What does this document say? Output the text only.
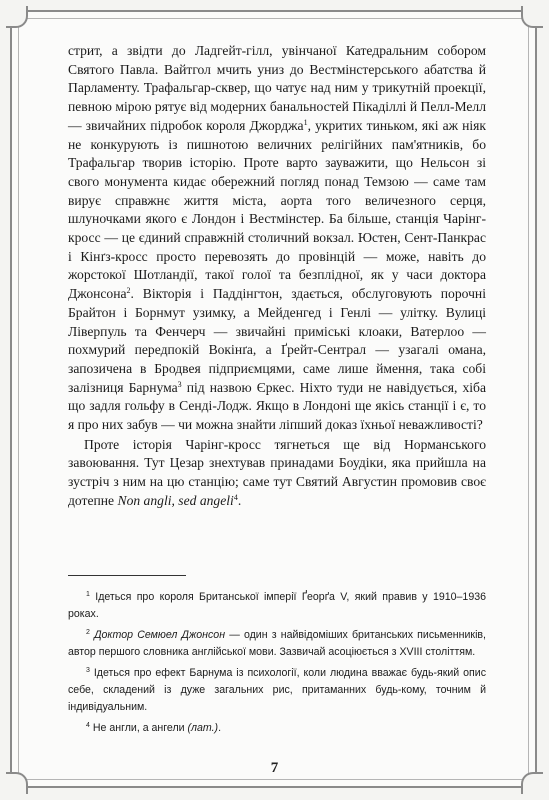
стрит, а звідти до Ладгейт-гілл, увінчаної Катедральним собором Святого Павла. Вайтгол мчить униз до Вестмінстерського абатства й Парламенту. Трафальгар-сквер, що чатує над ним у трикутній проекції, певною мірою рятує від модерних банальностей Пікаділлі й Пелл-Мелл — звичайних підробок короля Джорджа$^1$, укритих тиньком, які аж ніяк не конкурують із пишнотою величних релігійних пам'ятників, бо Трафальгар творив історію. Проте варто зауважити, що Нельсон зі свого монумента кидає обережний погляд понад Темзою — саме там вирує справжнє життя міста, аорта того величезного серця, шлуночками якого є Лондон і Вестмінстер. Ба більше, станція Чарінг-кросс — це єдиний справжній столичний вокзал. Юстен, Сент-Панкрас і Кінґз-кросс просто перевозять до провінцій — може, навіть до жорстокої Шотландії, такої голої та безплідної, як у часи доктора Джонсона$^2$. Вікторія і Паддінгтон, здається, обслуговують порочні Брайтон і Борнмут узимку, а Мейденгед і Генлі — улітку. Вулиці Ліверпуль та Фенчерч — звичайні приміські клоаки, Ватерлоо — похмурий передпокій Вокінґа, а Ґрейт-Сентрал — узагалі омана, запозичена в Бродвея підприємцями, саме лише ймення, така собі залізниця Барнума$^3$ під назвою Єркес. Ніхто туди не навідується, хіба що задля гольфу в Сенді-Лодж. Якщо в Лондоні ще якісь станції і є, то я про них забув — чи можна знайти ліпший доказ їхньої неважливості?

Проте історія Чарінг-кросс тягнеться ще від Норманського завоювання. Тут Цезар знехтував принадами Боудіки, яка прийшла на зустріч з ним на цю станцію; саме тут Святий Августин промовив своє дотепне Non angli, sed angeli$^4$.

$^1$ Ідеться про короля Британської імперії Ґеорґа V, який правив у 1910–1936 роках.

$^2$ Доктор Семюел Джонсон — один з найвідоміших британських письменників, автор першого словника англійської мови. Зазвичай асоціюється з XVIII століттям.

$^3$ Ідеться про ефект Барнума із психології, коли людина вважає будь-який опис себе, складений із дуже загальних рис, притаманних будь-кому, точним й індивідуальним.

$^4$ Не англи, а ангели (лат.).

7
